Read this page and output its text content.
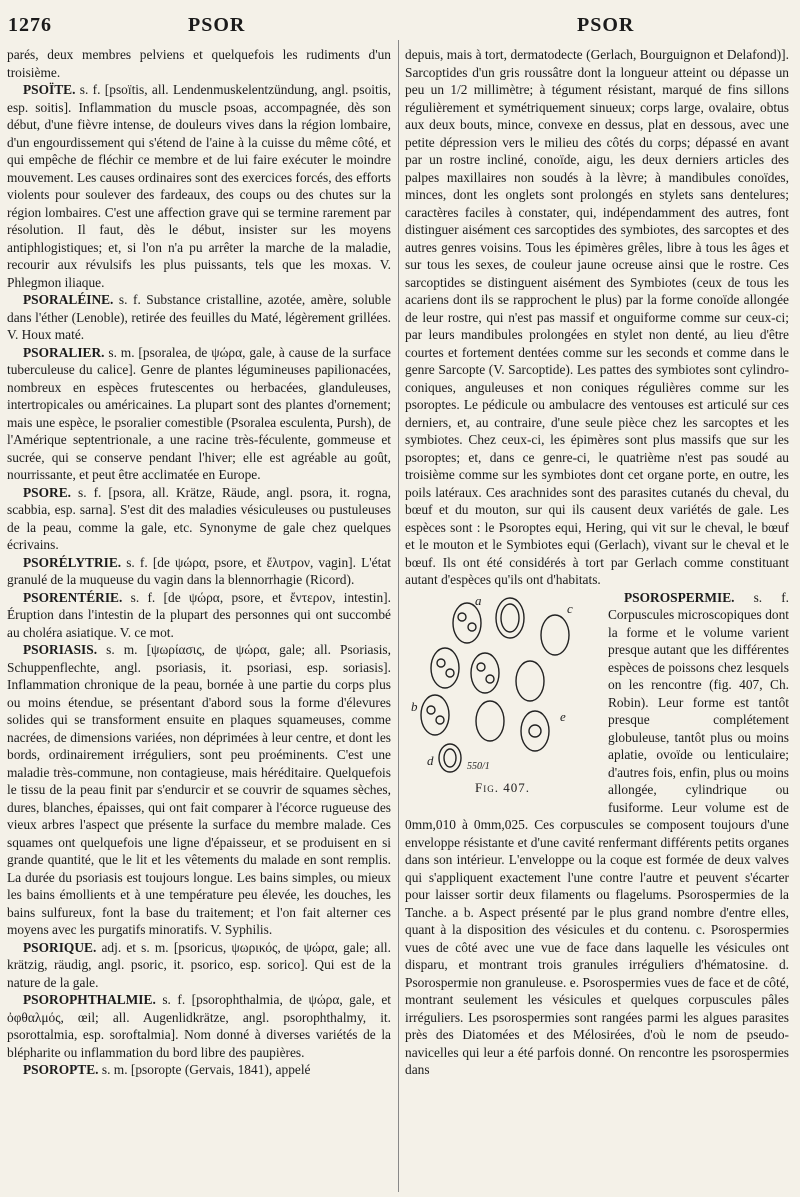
1276	PSOR	PSOR

parés, deux membres pelviens et quelquefois les rudiments d'un troisième.

PSOÏTE. s. f. [psoïtis, all. Lendenmuskelentzündung, angl. psoitis, esp. soitis]. Inflammation du muscle psoas, accompagnée, dès son début, d'une fièvre intense, de douleurs vives dans la région lombaire, d'un engourdissement qui s'étend de l'aine à la cuisse du même côté, et qui empêche de fléchir ce membre et de lui faire exécuter le moindre mouvement. Les causes ordinaires sont des exercices forcés, des efforts violents pour soulever des fardeaux, des coups ou des chutes sur la région lombaires. C'est une affection grave qui se termine rarement par résolution. Il faut, dès le début, insister sur les moyens antiphlogistiques; et, si l'on n'a pu arrêter la marche de la maladie, recourir aux révulsifs les plus puissants, tels que les moxas. V. Phlegmon iliaque.

PSORALÉINE. s. f. Substance cristalline, azotée, amère, soluble dans l'éther (Lenoble), retirée des feuilles du Maté, légèrement grillées. V. Houx maté.

PSORALIER. s. m. [psoralea, de ψώρα, gale, à cause de la surface tuberculeuse du calice]. Genre de plantes légumineuses papilionacées, nombreux en espèces frutescentes ou herbacées, glanduleuses, intertropicales ou américaines. La plupart sont des plantes d'ornement; mais une espèce, le psoralier comestible (Psoralea esculenta, Pursh), de l'Amérique septentrionale, a une racine très-féculente, gommeuse et sucrée, qui se conserve pendant l'hiver; elle est agréable au goût, nourrissante, et peut être acclimatée en Europe.

PSORE. s. f. [psora, all. Krätze, Räude, angl. psora, it. rogna, scabbia, esp. sarna]. S'est dit des maladies vésiculeuses ou pustuleuses de la peau, comme la gale, etc. Synonyme de gale chez quelques écrivains.

PSORÉLYTRIE. s. f. [de ψώρα, psore, et ἔλυτρον, vagin]. L'état granulé de la muqueuse du vagin dans la blennorrhagie (Ricord).

PSORENTÉRIE. s. f. [de ψώρα, psore, et ἔντερον, intestin]. Éruption dans l'intestin de la plupart des personnes qui ont succombé au choléra asiatique. V. ce mot.

PSORIASIS. s. m. [ψωρίασις, de ψώρα, gale; all. Psoriasis, Schuppenflechte, angl. psoriasis, it. psoriasi, esp. soriasis]. Inflammation chronique de la peau, bornée à une partie du corps plus ou moins étendue, se présentant d'abord sous la forme d'élevures solides qui se transforment ensuite en plaques squameuses, comme nacrées, de dimensions variées, non déprimées à leur centre, et dont les bords, ordinairement irréguliers, sont peu proéminents. C'est une maladie très-commune, non contagieuse, mais héréditaire. Quelquefois le tissu de la peau finit par s'endurcir et se couvrir de squames sèches, dures, blanches, épaisses, qui ont fait comparer à l'écorce rugueuse des vieux arbres l'aspect que présente la surface du membre malade. Ces squames ont quelquefois une ligne d'épaisseur, et se produisent en si grande quantité, que le lit et les vêtements du malade en sont remplis. La durée du psoriasis est toujours longue. Les bains simples, ou mieux les bains émollients et à une température peu élevée, les douches, les bains sulfureux, font la base du traitement; et l'on fait alterner ces moyens avec les purgatifs minoratifs. V. Syphilis.

PSORIQUE. adj. et s. m. [psoricus, ψωρικός, de ψώρα, gale; all. krätzig, räudig, angl. psoric, it. psorico, esp. sorico]. Qui est de la nature de la gale.

PSOROPHTHALMIE. s. f. [psorophthalmia, de ψώρα, gale, et ὀφθαλμός, œil; all. Augenlidkrätze, angl. psorophthalmy, it. psorottalmia, esp. soroftalmia]. Nom donné à diverses variétés de la blépharite ou inflammation du bord libre des paupières.

PSOROPTE. s. m. [psoropte (Gervais, 1841), appelé

depuis, mais à tort, dermatodecte (Gerlach, Bourguignon et Delafond)]. Sarcoptides d'un gris roussâtre dont la longueur atteint ou dépasse un peu un 1/2 millimètre; à tégument résistant, marqué de fins sillons régulièrement et symétriquement sinueux; corps large, ovalaire, obtus aux deux bouts, mince, convexe en dessus, plat en dessous, avec une petite dépression vers le milieu des côtés du corps; dépassé en avant par un rostre incliné, conoïde, aigu, les deux derniers articles des palpes maxillaires non soudés à la lèvre; à mandibules conoïdes, minces, dont les onglets sont prolongés en stylets sans dentelures; caractères faciles à constater, qui, indépendamment des autres, font distinguer aisément ces sarcoptides des symbiotes, des sarcoptes et des autres genres voisins. Tous les épimères grêles, libre à tous les âges et sur tous les sexes, de couleur jaune ocreuse ainsi que le rostre. Ces sarcoptides se distinguent aisément des Symbiotes (ceux de tous les acariens dont ils se rapprochent le plus) par la forme conoïde allongée de leur rostre, qui n'est pas massif et onguiforme comme sur ceux-ci; par leurs mandibules prolongées en stylet non denté, au lieu d'être courtes et fortement dentées comme sur les seconds et comme dans le genre Sarcopte (V. Sarcoptide). Les pattes des symbiotes sont cylindro-coniques, anguleuses et non coniques régulières comme sur les psoroptes. Le pédicule ou ambulacre des ventouses est articulé sur ces derniers, et, au contraire, d'une seule pièce chez les sarcoptes et les symbiotes. Chez ceux-ci, les épimères sont plus massifs que sur les psoroptes; et, dans ce genre-ci, le quatrième n'est pas soudé au troisième comme sur les symbiotes dont cet organe porte, en outre, les poils latéraux. Ces arachnides sont des parasites cutanés du cheval, du bœuf et du mouton, sur qui ils causent deux variétés de gale. Les espèces sont : le Psoroptes equi, Hering, qui vit sur le cheval, le bœuf et le mouton et le Symbiotes equi (Gerlach), vivant sur le cheval et le bœuf. Ils ont été considérés à tort par Gerlach comme constituant autant d'espèces qu'ils ont d'habitats.

a
c
b
d
e
550/1
Fig. 407.

PSOROSPERMIE. s. f. Corpuscules microscopiques dont la forme et le volume varient presque autant que les différentes espèces de poissons chez lesquels on les rencontre (fig. 407, Ch. Robin). Leur forme est tantôt presque complétement globuleuse, tantôt plus ou moins aplatie, ovoïde ou lenticulaire; d'autres fois, enfin, plus ou moins allongée, cylindrique ou fusiforme. Leur volume est de 0mm,010 à 0mm,025. Ces corpuscules se composent toujours d'une enveloppe résistante et d'une cavité renfermant différents petits organes dans son intérieur. L'enveloppe ou la coque est formée de deux valves qui s'appliquent exactement l'une contre l'autre et peuvent s'écarter pour laisser sortir deux filaments ou flagelums. Psorospermies de la Tanche. a b. Aspect présenté par le plus grand nombre d'entre elles, quant à la disposition des vésicules et du contenu. c. Psorospermies vues de côté avec une vue de face dans laquelle les vésicules ont disparu, et montrant trois granules irréguliers d'hématosine. d. Psorospermie non granuleuse. e. Psorospermies vues de face et de côté, montrant seulement les vésicules et quelques corpuscules pâles irréguliers. Les psorospermies sont rangées parmi les algues parasites près des Diatomées et des Mélosirées, d'où le nom de pseudo-navicelles qui leur a été parfois donné. On rencontre les psorospermies dans
